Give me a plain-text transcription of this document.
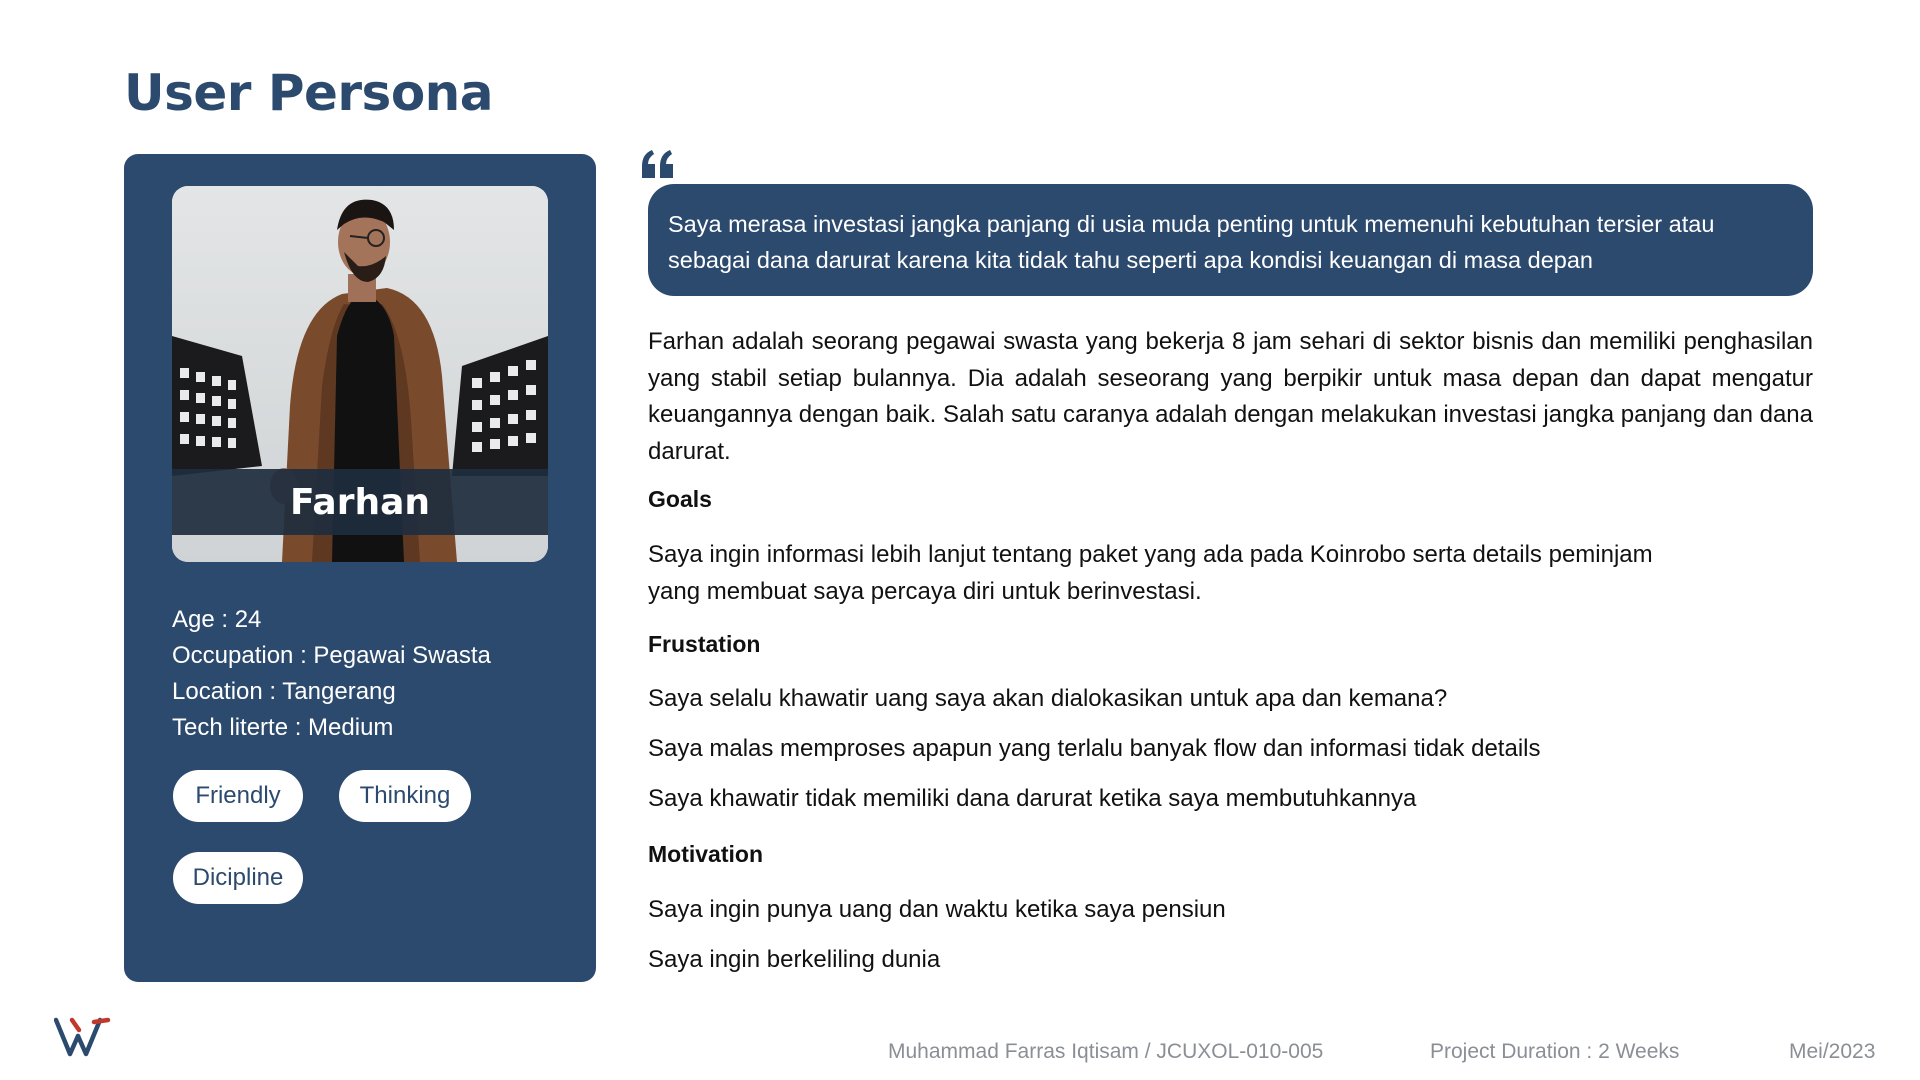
User Persona
Farhan
Age : 24
Occupation : Pegawai Swasta
Location : Tangerang
Tech literte : Medium
Friendly	Thinking
Dicipline
Saya merasa investasi jangka panjang di usia muda penting untuk memenuhi kebutuhan tersier atau
sebagai dana darurat karena kita tidak tahu seperti apa kondisi keuangan di masa depan

Farhan adalah seorang pegawai swasta yang bekerja 8 jam sehari di sektor bisnis dan memiliki penghasilan yang stabil setiap bulannya. Dia adalah seseorang yang berpikir untuk masa depan dan dapat mengatur keuangannya dengan baik. Salah satu caranya adalah dengan melakukan investasi jangka panjang dan dana darurat.

Goals
Saya ingin informasi lebih lanjut tentang paket yang ada pada Koinrobo serta details peminjam
yang membuat saya percaya diri untuk berinvestasi.
Frustation
Saya selalu khawatir uang saya akan dialokasikan untuk apa dan kemana?
Saya malas memproses apapun yang terlalu banyak flow dan informasi tidak details
Saya khawatir tidak memiliki dana darurat ketika saya membutuhkannya
Motivation
Saya ingin punya uang dan waktu ketika saya pensiun
Saya ingin berkeliling dunia
Muhammad Farras Iqtisam / JCUXOL-010-005	Project Duration : 2 Weeks	Mei/2023
